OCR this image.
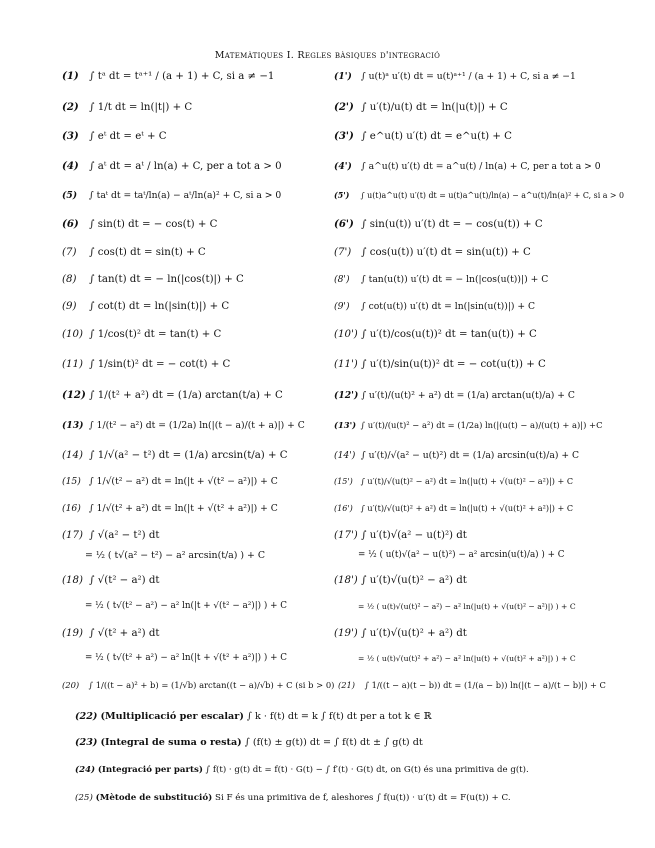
Matemàtiques I. Regles bàsiques d'integració
(1) ∫ tᵃ dt = tᵃ⁺¹ / (a + 1) + C, si a ≠ −1
(2) ∫ 1/t dt = ln(|t|) + C
(3) ∫ eᵗ dt = eᵗ + C
(4) ∫ aᵗ dt = aᵗ / ln(a) + C, per a tot a > 0
(5) ∫ taᵗ dt = taᵗ/ln(a) − aᵗ/ln(a)² + C, si a > 0
(6) ∫ sin(t) dt = − cos(t) + C
(7) ∫ cos(t) dt = sin(t) + C
(8) ∫ tan(t) dt = − ln(|cos(t)|) + C
(9) ∫ cot(t) dt = ln(|sin(t)|) + C
(10) ∫ 1/cos(t)² dt = tan(t) + C
(11) ∫ 1/sin(t)² dt = − cot(t) + C
(12) ∫ 1/(t² + a²) dt = (1/a) arctan(t/a) + C
(13) ∫ 1/(t² − a²) dt = (1/2a) ln(|(t − a)/(t + a)|) + C
(14) ∫ 1/√(a² − t²) dt = (1/a) arcsin(t/a) + C
(15) ∫ 1/√(t² − a²) dt = ln(|t + √(t² − a²)|) + C
(16) ∫ 1/√(t² + a²) dt = ln(|t + √(t² + a²)|) + C
(17) ∫ √(a² − t²) dt
= ½ ( t√(a² − t²) − a² arcsin(t/a) ) + C
(18) ∫ √(t² − a²) dt
= ½ ( t√(t² − a²) − a² ln(|t + √(t² − a²)|) ) + C
(19) ∫ √(t² + a²) dt
= ½ ( t√(t² + a²) − a² ln(|t + √(t² + a²)|) ) + C
(20) ∫ 1/((t − a)² + b) = (1/√b) arctan((t − a)/√b) + C (si b > 0)
(1') ∫ u(t)ᵃ u′(t) dt = u(t)ᵃ⁺¹ / (a + 1) + C, si a ≠ −1
(2') ∫ u′(t)/u(t) dt = ln(|u(t)|) + C
(3') ∫ e^u(t) u′(t) dt = e^u(t) + C
(4') ∫ a^u(t) u′(t) dt = a^u(t) / ln(a) + C, per a tot a > 0
(5') ∫ u(t)a^u(t) u′(t) dt = u(t)a^u(t)/ln(a) − a^u(t)/ln(a)² + C, si a > 0
(6') ∫ sin(u(t)) u′(t) dt = − cos(u(t)) + C
(7') ∫ cos(u(t)) u′(t) dt = sin(u(t)) + C
(8') ∫ tan(u(t)) u′(t) dt = − ln(|cos(u(t))|) + C
(9') ∫ cot(u(t)) u′(t) dt = ln(|sin(u(t))|) + C
(10') ∫ u′(t)/cos(u(t))² dt = tan(u(t)) + C
(11') ∫ u′(t)/sin(u(t))² dt = − cot(u(t)) + C
(12') ∫ u′(t)/(u(t)² + a²) dt = (1/a) arctan(u(t)/a) + C
(13') ∫ u′(t)/(u(t)² − a²) dt = (1/2a) ln(|(u(t) − a)/(u(t) + a)|) +C
(14') ∫ u′(t)/√(a² − u(t)²) dt = (1/a) arcsin(u(t)/a) + C
(15') ∫ u′(t)/√(u(t)² − a²) dt = ln(|u(t) + √(u(t)² − a²)|) + C
(16') ∫ u′(t)/√(u(t)² + a²) dt = ln(|u(t) + √(u(t)² + a²)|) + C
(17') ∫ u′(t)√(a² − u(t)²) dt
= ½ ( u(t)√(a² − u(t)²) − a² arcsin(u(t)/a) ) + C
(18') ∫ u′(t)√(u(t)² − a²) dt
= ½ ( u(t)√(u(t)² − a²) − a² ln(|u(t) + √(u(t)² − a²)|) ) + C
(19') ∫ u′(t)√(u(t)² + a²) dt
= ½ ( u(t)√(u(t)² + a²) − a² ln(|u(t) + √(u(t)² + a²)|) ) + C
(21) ∫ 1/((t − a)(t − b)) dt = (1/(a − b)) ln(|(t − a)/(t − b)|) + C
(22) (Multiplicació per escalar) ∫ k · f(t) dt = k ∫ f(t) dt per a tot k ∈ ℝ
(23) (Integral de suma o resta) ∫ (f(t) ± g(t)) dt = ∫ f(t) dt ± ∫ g(t) dt
(24) (Integració per parts) ∫ f(t) · g(t) dt = f(t) · G(t) − ∫ f′(t) · G(t) dt, on G(t) és una primitiva de g(t).
(25) (Mètode de substitució) Si F és una primitiva de f, aleshores ∫ f(u(t)) · u′(t) dt = F(u(t)) + C.
